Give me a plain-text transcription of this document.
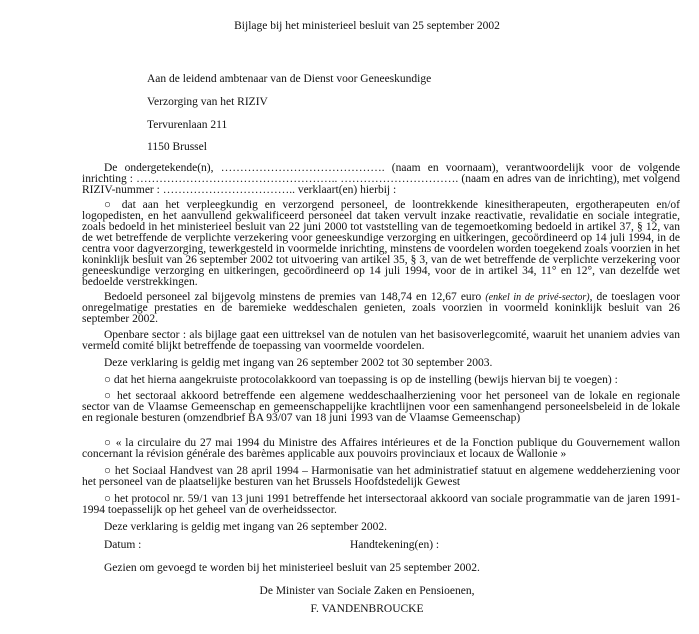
Bijlage bij het ministerieel besluit van 25 september 2002
Aan de leidend ambtenaar van de Dienst voor Geneeskundige
Verzorging van het RIZIV
Tervurenlaan 211
1150 Brussel

De ondergetekende(n), ……………………………………. (naam en voornaam), verantwoordelijk voor de volgende inrichting : …………………………………………….. …………………………. (naam en adres van de inrichting), met volgend RIZIV-nummer : …………………………….. verklaart(en) hierbij :

○ dat aan het verpleegkundig en verzorgend personeel, de loontrekkende kinesitherapeuten, ergotherapeuten en/of logopedisten, en het aanvullend gekwalificeerd personeel dat taken vervult inzake reactivatie, revalidatie en sociale integratie, zoals bedoeld in het ministerieel besluit van 22 juni 2000 tot vaststelling van de tegemoetkoming bedoeld in artikel 37, § 12, van de wet betreffende de verplichte verzekering voor geneeskundige verzorging en uitkeringen, gecoördineerd op 14 juli 1994, in de centra voor dagverzorging, tewerkgesteld in voormelde inrichting, minstens de voordelen worden toegekend zoals voorzien in het koninklijk besluit van 26 september 2002 tot uitvoering van artikel 35, § 3, van de wet betreffende de verplichte verzekering voor geneeskundige verzorging en uitkeringen, gecoördineerd op 14 juli 1994, voor de in artikel 34, 11° en 12°, van dezelfde wet bedoelde verstrekkingen.

Bedoeld personeel zal bijgevolg minstens de premies van 148,74 en 12,67 euro (enkel in de privé-sector), de toeslagen voor onregelmatige prestaties en de baremieke weddeschalen genieten, zoals voorzien in voormeld koninklijk besluit van 26 september 2002.

Openbare sector : als bijlage gaat een uittreksel van de notulen van het basisoverlegcomité, waaruit het unaniem advies van vermeld comité blijkt betreffende de toepassing van voormelde voordelen.

Deze verklaring is geldig met ingang van 26 september 2002 tot 30 september 2003.

○ dat het hierna aangekruiste protocolakkoord van toepassing is op de instelling (bewijs hiervan bij te voegen) :

○ het sectoraal akkoord betreffende een algemene weddeschaalherziening voor het personeel van de lokale en regionale sector van de Vlaamse Gemeenschap en gemeenschappelijke krachtlijnen voor een samenhangend personeelsbeleid in de lokale en regionale besturen (omzendbrief BA 93/07 van 18 juni 1993 van de Vlaamse Gemeenschap)

○ « la circulaire du 27 mai 1994 du Ministre des Affaires intérieures et de la Fonction publique du Gouvernement wallon concernant la révision générale des barèmes applicable aux pouvoirs provinciaux et locaux de Wallonie »

○ het Sociaal Handvest van 28 april 1994 – Harmonisatie van het administratief statuut en algemene weddeherziening voor het personeel van de plaatselijke besturen van het Brussels Hoofdstedelijk Gewest

○ het protocol nr. 59/1 van 13 juni 1991 betreffende het intersectoraal akkoord van sociale programmatie van de jaren 1991-1994 toepasselijk op het geheel van de overheidssector.

Deze verklaring is geldig met ingang van 26 september 2002.

Datum :	Handtekening(en) :

Gezien om gevoegd te worden bij het ministerieel besluit van 25 september 2002.

De Minister van Sociale Zaken en Pensioenen,
F. VANDENBROUCKE
